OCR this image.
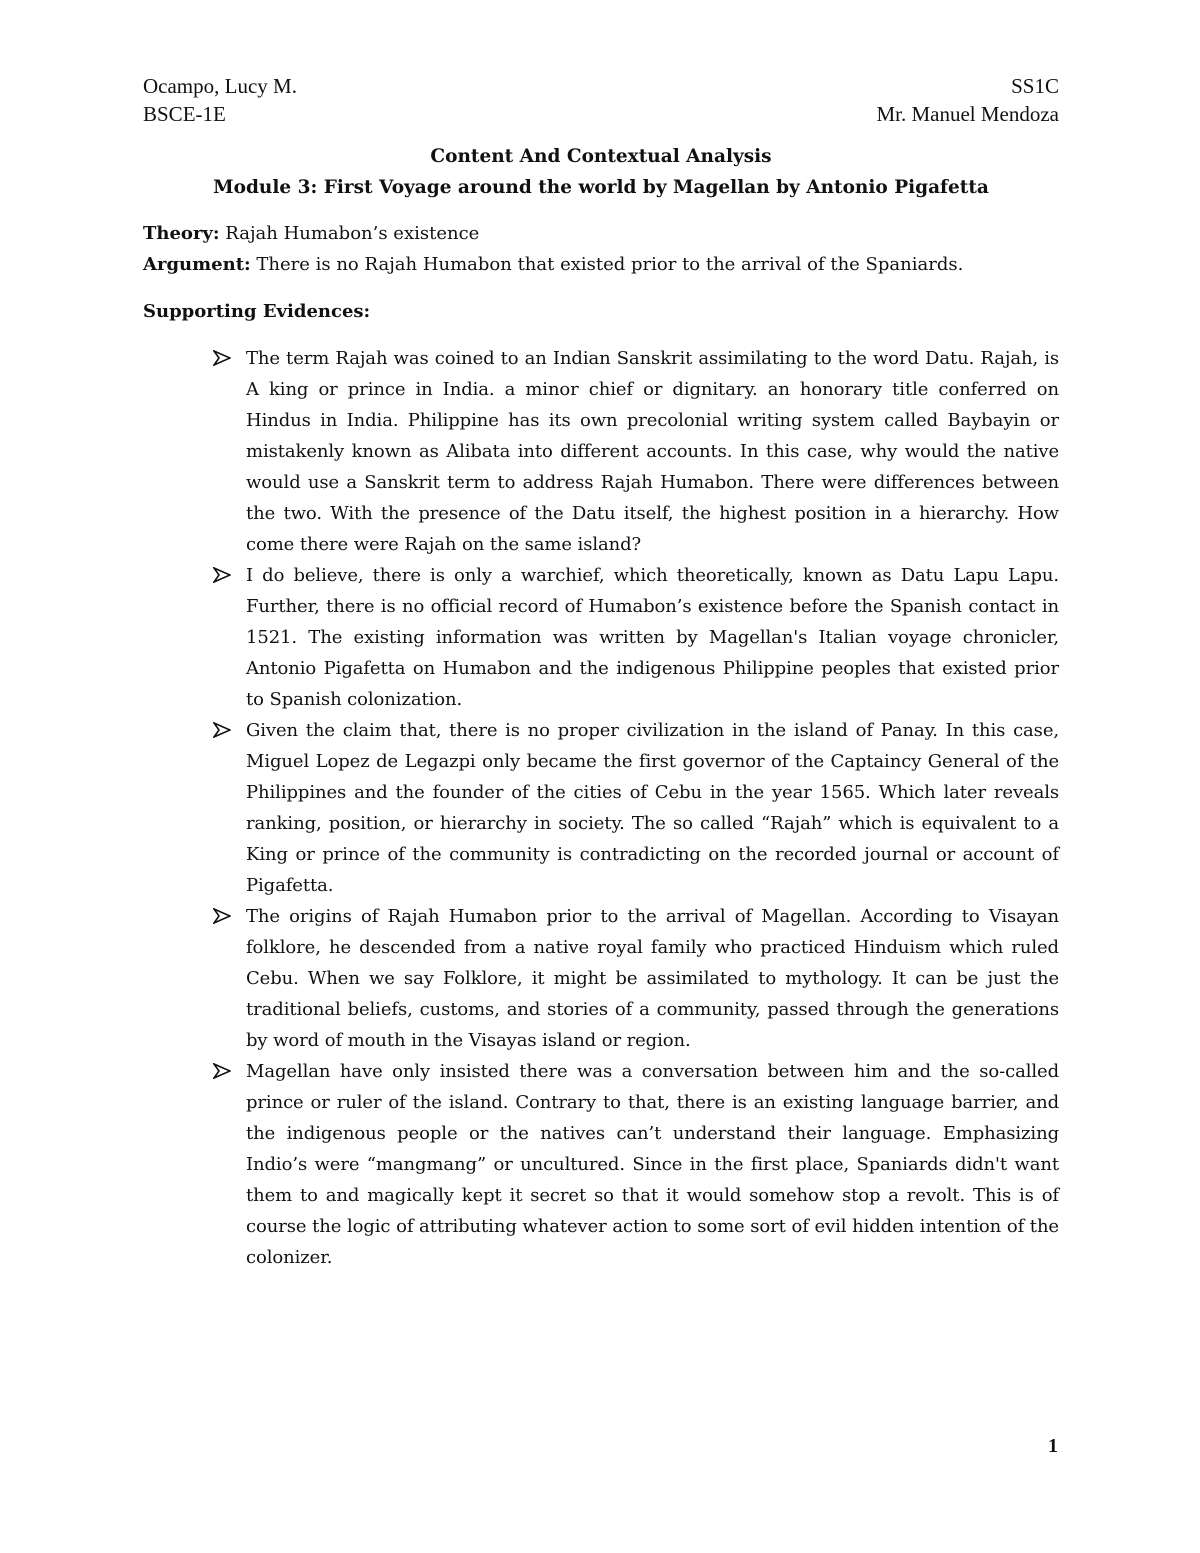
Ocampo, Lucy M.	SS1C
BSCE-1E	Mr. Manuel Mendoza
Content And Contextual Analysis
Module 3: First Voyage around the world by Magellan by Antonio Pigafetta
Theory: Rajah Humabon’s existence
Argument: There is no Rajah Humabon that existed prior to the arrival of the Spaniards.
Supporting Evidences:
The term Rajah was coined to an Indian Sanskrit assimilating to the word Datu. Rajah, is A king or prince in India. a minor chief or dignitary. an honorary title conferred on Hindus in India. Philippine has its own precolonial writing system called Baybayin or mistakenly known as Alibata into different accounts. In this case, why would the native would use a Sanskrit term to address Rajah Humabon. There were differences between the two. With the presence of the Datu itself, the highest position in a hierarchy. How come there were Rajah on the same island?
I do believe, there is only a warchief, which theoretically, known as Datu Lapu Lapu. Further, there is no official record of Humabon’s existence before the Spanish contact in 1521. The existing information was written by Magellan's Italian voyage chronicler, Antonio Pigafetta on Humabon and the indigenous Philippine peoples that existed prior to Spanish colonization.
Given the claim that, there is no proper civilization in the island of Panay. In this case, Miguel Lopez de Legazpi only became the first governor of the Captaincy General of the Philippines and the founder of the cities of Cebu in the year 1565. Which later reveals ranking, position, or hierarchy in society. The so called “Rajah” which is equivalent to a King or prince of the community is contradicting on the recorded journal or account of Pigafetta.
The origins of Rajah Humabon prior to the arrival of Magellan. According to Visayan folklore, he descended from a native royal family who practiced Hinduism which ruled Cebu. When we say Folklore, it might be assimilated to mythology. It can be just the traditional beliefs, customs, and stories of a community, passed through the generations by word of mouth in the Visayas island or region.
Magellan have only insisted there was a conversation between him and the so-called prince or ruler of the island. Contrary to that, there is an existing language barrier, and the indigenous people or the natives can’t understand their language. Emphasizing Indio’s were “mangmang” or uncultured. Since in the first place, Spaniards didn't want them to and magically kept it secret so that it would somehow stop a revolt. This is of course the logic of attributing whatever action to some sort of evil hidden intention of the colonizer.
1
